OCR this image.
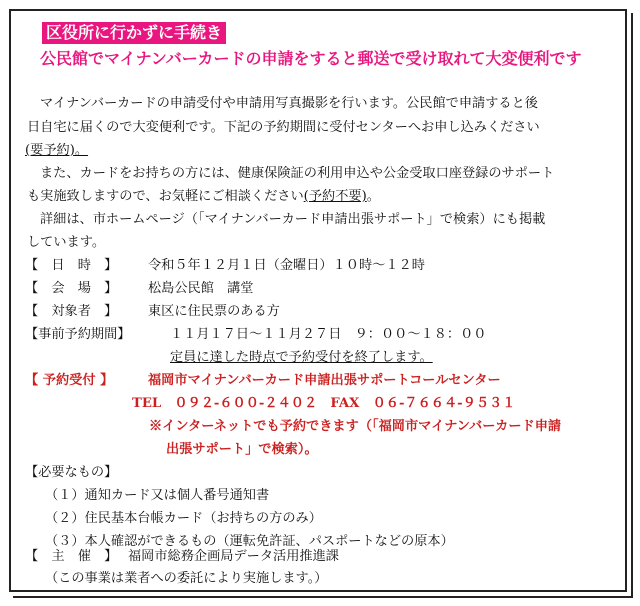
区役所に行かずに手続き
公民館でマイナンバーカードの申請をすると郵送で受け取れて大変便利です
マイナンバーカードの申請受付や申請用写真撮影を行います。公民館で申請すると後
日自宅に届くので大変便利です。下記の予約期間に受付センターへお申し込みください
(要予約)。
また、カードをお持ちの方には、健康保険証の利用申込や公金受取口座登録のサポート
も実施致しますので、お気軽にご相談ください(予約不要)。
詳細は、市ホームページ（「マイナンバーカード申請出張サポート」で検索）にも掲載
しています。
【　日　時　】 令和５年１２月１日（金曜日）１０時〜１２時
【　会　場　】 松島公民館　講堂
【　対象者　】 東区に住民票のある方
【事前予約期間】	１１月１７日〜１１月２７日　９：００〜１８：００
定員に達した時点で予約受付を終了します。
【 予約受付 】	福岡市マイナンバーカード申請出張サポートコールセンター
TEL　０９２-６００-２４０２　FAX　０６-７６６４-９５３１
※インターネットでも予約できます（「福岡市マイナンバーカード申請
出張サポート」で検索）。
【必要なもの】
（１）通知カード又は個人番号通知書
（２）住民基本台帳カード（お持ちの方のみ）
（３）本人確認ができるもの（運転免許証、パスポートなどの原本）
【　主　催　】 福岡市総務企画局データ活用推進課
（この事業は業者への委託により実施します。）
